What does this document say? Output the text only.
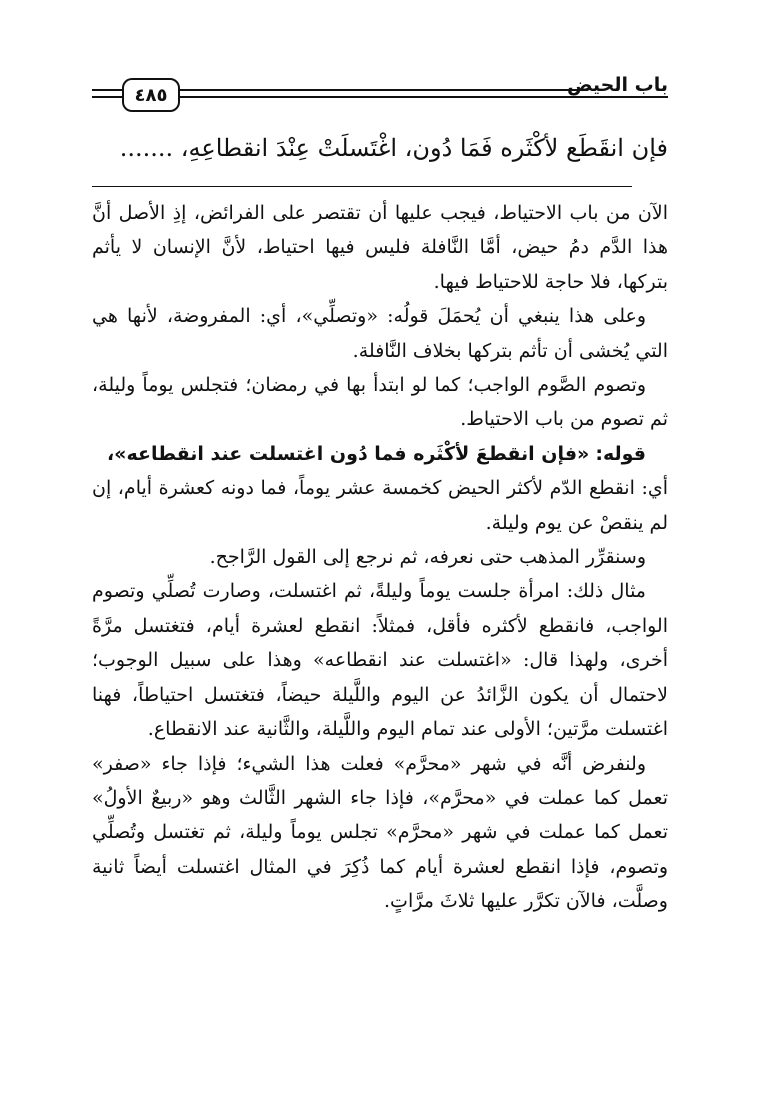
باب الحيض
٤٨٥
فإن انقَطَع لأكْثَره فَمَا دُون، اغْتَسلَتْ عِنْدَ انقطاعِهِ، .......

الآن من باب الاحتياط، فيجب عليها أن تقتصر على الفرائض، إذِ الأصل أنَّ هذا الدَّم دمُ حيض، أمَّا النَّافلة فليس فيها احتياط، لأنَّ الإنسان لا يأثم بتركها، فلا حاجة للاحتياط فيها.

وعلى هذا ينبغي أن يُحمَلَ قولُه: «وتصلِّي»، أي: المفروضة، لأنها هي التي يُخشى أن تأثم بتركها بخلاف النَّافلة.

وتصوم الصَّوم الواجب؛ كما لو ابتدأ بها في رمضان؛ فتجلس يوماً وليلة، ثم تصوم من باب الاحتياط.

قوله: «فإن انقطعَ لأكْثَره فما دُون اغتسلت عند انقطاعه»،

أي: انقطع الدّم لأكثر الحيض كخمسة عشر يوماً، فما دونه كعشرة أيام، إن لم ينقصْ عن يوم وليلة.

وسنقرِّر المذهب حتى نعرفه، ثم نرجع إلى القول الرَّاجح.

مثال ذلك: امرأة جلست يوماً وليلةً، ثم اغتسلت، وصارت تُصلِّي وتصوم الواجب، فانقطع لأكثره فأقل، فمثلاً: انقطع لعشرة أيام، فتغتسل مرَّةً أخرى، ولهذا قال: «اغتسلت عند انقطاعه» وهذا على سبيل الوجوب؛ لاحتمال أن يكون الزَّائدُ عن اليوم واللَّيلة حيضاً، فتغتسل احتياطاً، فهنا اغتسلت مرَّتين؛ الأولى عند تمام اليوم واللَّيلة، والثَّانية عند الانقطاع.

ولنفرض أنَّه في شهر «محرَّم» فعلت هذا الشيء؛ فإذا جاء «صفر» تعمل كما عملت في «محرَّم»، فإذا جاء الشهر الثَّالث وهو «ربيعٌ الأولُ» تعمل كما عملت في شهر «محرَّم» تجلس يوماً وليلة، ثم تغتسل وتُصلِّي وتصوم، فإذا انقطع لعشرة أيام كما ذُكِرَ في المثال اغتسلت أيضاً ثانية وصلَّت، فالآن تكرَّر عليها ثلاثَ مرَّاتٍ.
